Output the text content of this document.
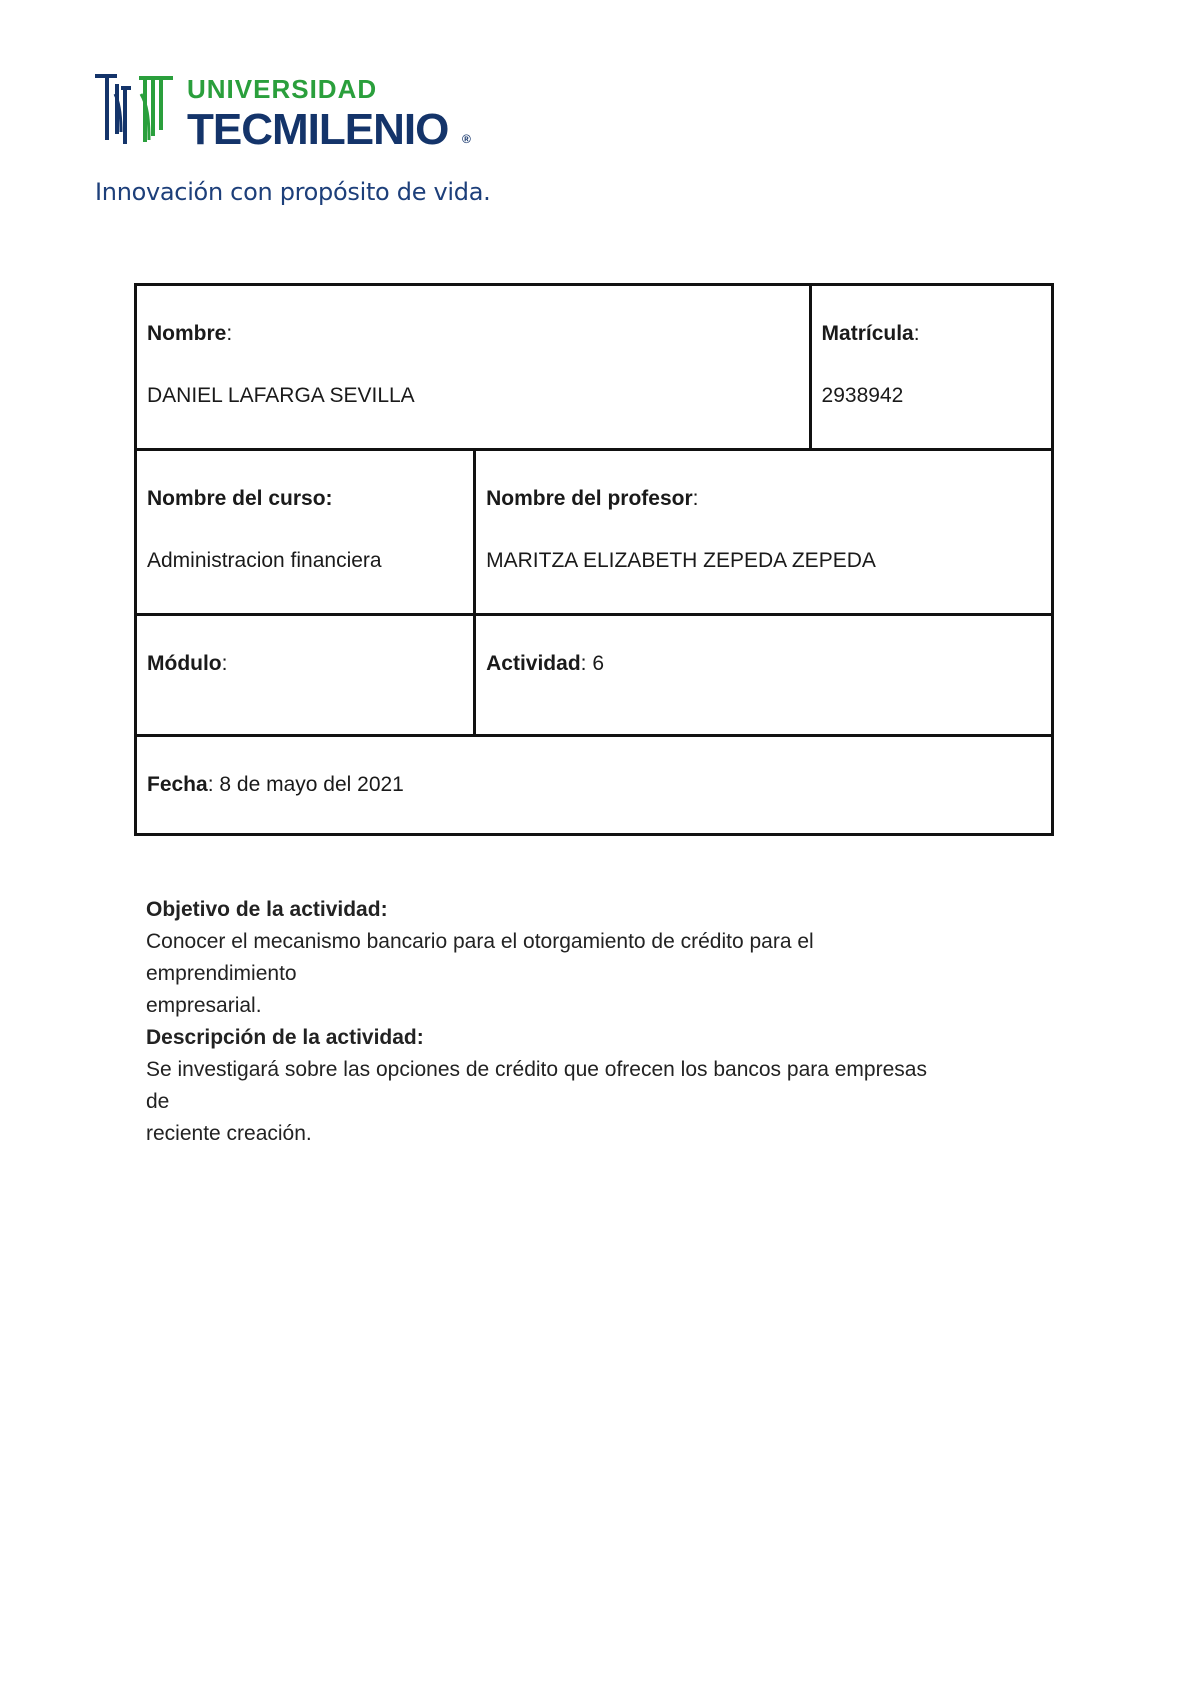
UNIVERSIDAD
TECMILENIO ®
Innovación con propósito de vida.
Nombre:
DANIEL LAFARGA SEVILLA		Matrícula:
2938942

Nombre del curso:
Administracion financiera	Nombre del profesor:
MARITZA ELIZABETH ZEPEDA ZEPEDA	

Módulo:	Actividad: 6	

Fecha: 8 de mayo del 2021		

Objetivo de la actividad:

Conocer el mecanismo bancario para el otorgamiento de crédito para el

emprendimiento

empresarial.

Descripción de la actividad:

Se investigará sobre las opciones de crédito que ofrecen los bancos para empresas

de

reciente creación.
